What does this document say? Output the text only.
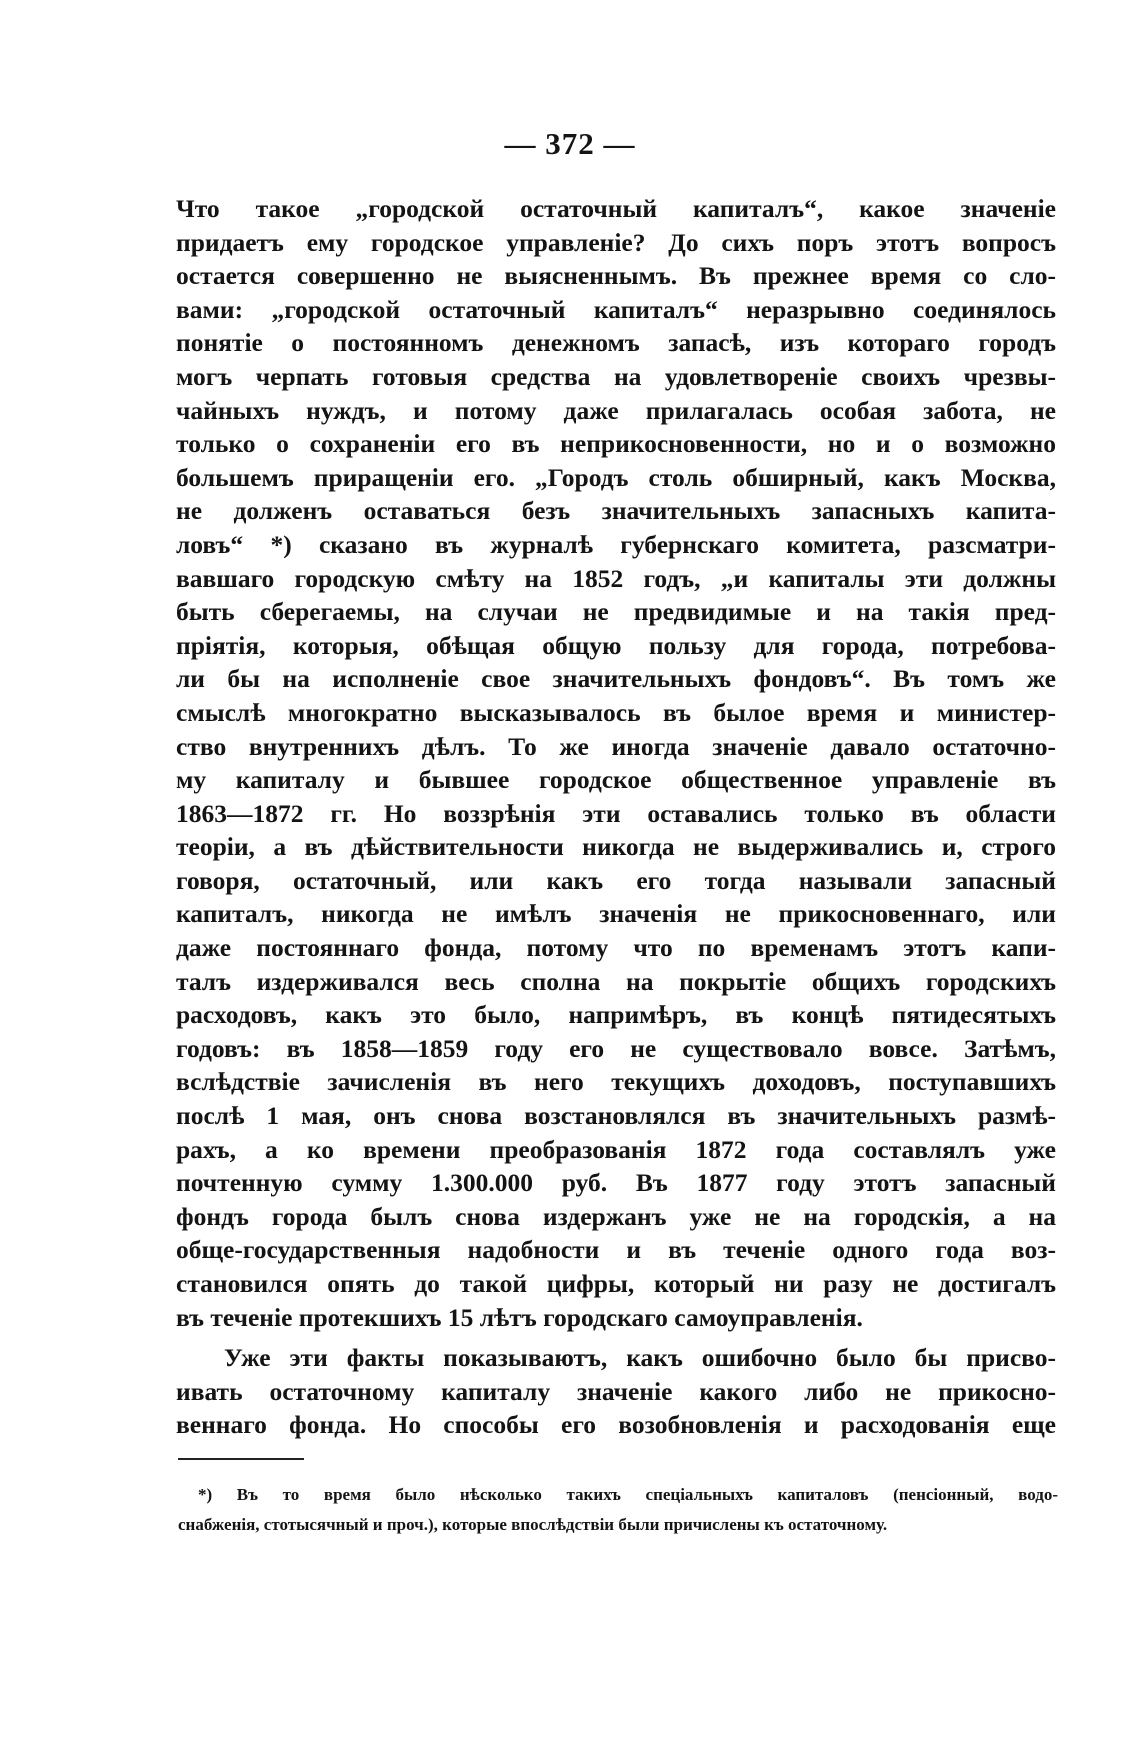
— 372 —
Что такое „городской остаточный капиталъ“, какое значеніе
придаетъ ему городское управленіе? До сихъ поръ этотъ вопросъ
остается совершенно не выясненнымъ. Въ прежнее время со сло-
вами: „городской остаточный капиталъ“ неразрывно соединялось
понятіе о постоянномъ денежномъ запасѣ, изъ котораго городъ
могъ черпать готовыя средства на удовлетвореніе своихъ чрезвы-
чайныхъ нуждъ, и потому даже прилагалась особая забота, не
только о сохраненіи его въ неприкосновенности, но и о возможно
большемъ приращеніи его. „Городъ столь обширный, какъ Москва,
не долженъ оставаться безъ значительныхъ запасныхъ капита-
ловъ“ *) сказано въ журналѣ губернскаго комитета, разсматри-
вавшаго городскую смѣту на 1852 годъ, „и капиталы эти должны
быть сберегаемы, на случаи не предвидимые и на такія пред-
пріятія, которыя, обѣщая общую пользу для города, потребова-
ли бы на исполненіе свое значительныхъ фондовъ“. Въ томъ же
смыслѣ многократно высказывалось въ былое время и министер-
ство внутреннихъ дѣлъ. То же иногда значеніе давало остаточно-
му капиталу и бывшее городское общественное управленіе въ
1863—1872 гг. Но воззрѣнія эти оставались только въ области
теоріи, а въ дѣйствительности никогда не выдерживались и, строго
говоря, остаточный, или какъ его тогда называли запасный
капиталъ, никогда не имѣлъ значенія не прикосновеннаго, или
даже постояннаго фонда, потому что по временамъ этотъ капи-
талъ издерживался весь сполна на покрытіе общихъ городскихъ
расходовъ, какъ это было, напримѣръ, въ концѣ пятидесятыхъ
годовъ: въ 1858—1859 году его не существовало вовсе. Затѣмъ,
вслѣдствіе зачисленія въ него текущихъ доходовъ, поступавшихъ
послѣ 1 мая, онъ снова возстановлялся въ значительныхъ размѣ-
рахъ, а ко времени преобразованія 1872 года составлялъ уже
почтенную сумму 1.300.000 руб. Въ 1877 году этотъ запасный
фондъ города былъ снова издержанъ уже не на городскія, а на
обще-государственныя надобности и въ теченіе одного года воз-
становился опять до такой цифры, который ни разу не достигалъ
въ теченіе протекшихъ 15 лѣтъ городскаго самоуправленія.
Уже эти факты показываютъ, какъ ошибочно было бы присво-
ивать остаточному капиталу значеніе какого либо не прикосно-
веннаго фонда. Но способы его возобновленія и расходованія еще
*) Въ то время было нѣсколько такихъ спеціальныхъ капиталовъ (пенсіонный, водо-
снабженія, стотысячный и проч.), которые впослѣдствіи были причислены къ остаточному.
